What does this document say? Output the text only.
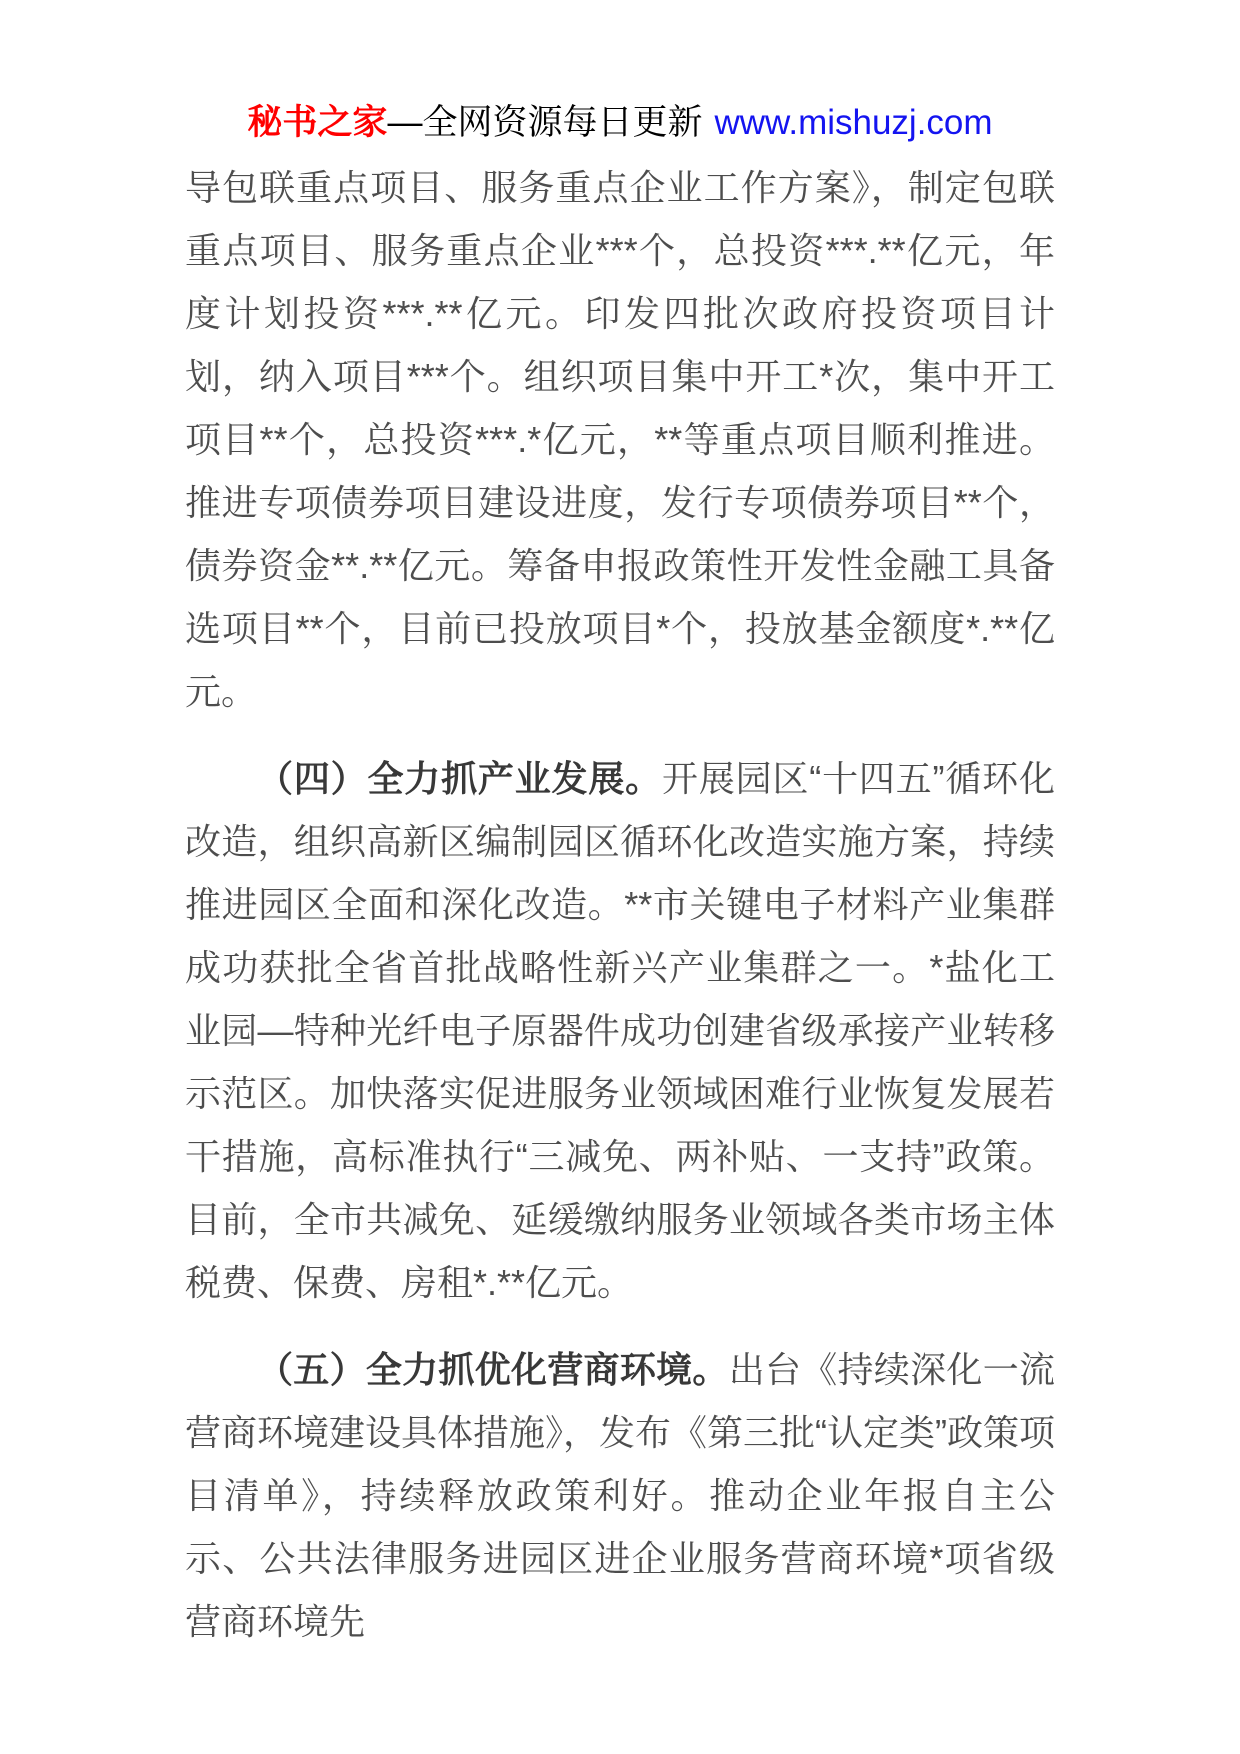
秘书之家—全网资源每日更新 www.mishuzj.com

导包联重点项目、服务重点企业工作方案》，制定包联重点项目、服务重点企业***个，总投资***.**亿元，年度计划投资***.**亿元。印发四批次政府投资项目计划，纳入项目***个。组织项目集中开工*次，集中开工项目**个，总投资***.*亿元，**等重点项目顺利推进。推进专项债券项目建设进度，发行专项债券项目**个，债券资金**.**亿元。筹备申报政策性开发性金融工具备选项目**个，目前已投放项目*个，投放基金额度*.**亿元。

（四）全力抓产业发展。开展园区“十四五”循环化改造，组织高新区编制园区循环化改造实施方案，持续推进园区全面和深化改造。**市关键电子材料产业集群成功获批全省首批战略性新兴产业集群之一。*盐化工业园—特种光纤电子原器件成功创建省级承接产业转移示范区。加快落实促进服务业领域困难行业恢复发展若干措施，高标准执行“三减免、两补贴、一支持”政策。目前，全市共减免、延缓缴纳服务业领域各类市场主体税费、保费、房租*.**亿元。

（五）全力抓优化营商环境。出台《持续深化一流营商环境建设具体措施》，发布《第三批“认定类”政策项目清单》，持续释放政策利好。推动企业年报自主公示、公共法律服务进园区进企业服务营商环境*项省级营商环境先
